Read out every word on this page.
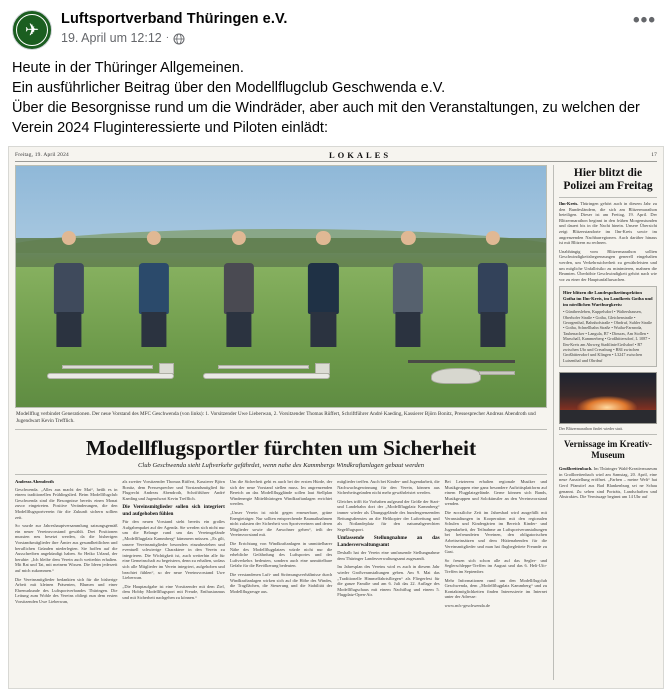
✈
Luftsportverband Thüringen e.V.
19. April um 12:12 ·
•••

Heute in der Thüringer Allgemeinen.

Ein ausführlicher Beitrag über den Modellflugclub Geschwenda e.V.

Über die Besorgnisse rund um die Windräder, aber auch mit den Veranstaltungen, zu welchen der Verein 2024 Fluginteressierte und Piloten einlädt:

Freitag, 19. April 2024	LOKALES	17
Modellflug verbindet Generationen. Der neue Vorstand des MFC Geschwenda (von links): 1. Vorsitzender Uwe Lieberwan, 2. Vorsitzender Thomas Rüffert, Schriftführer André Kaeding, Kassierer Björn Bonitz, Pressesprecher Andreas Abendroth und Jugendwart Kevin Trefflich.
Modellflugsportler fürchten um Sicherheit
Club Geschwenda sieht Luftverkehr gefährdet, wenn nahe des Kammbergs Windkraftanlagen gebaut werden
Andreas Abendroth

Geschwenda. „Alles aus macht der Mai“, heißt es in einem traditionellen Frühlingslied. Beim Modellflugclub Geschwenda sind die Besorgnisse bereits einen Monat zuvor eingetreten. Positive Veränderungen, die den Modellflugsportverein für die Zukunft sichern sollten zeit.

So wurde zur Jahreshauptversammlung satzungsgemäß ein neuer Vereinsvorstand gewählt. Drei Positionen mussten neu besetzt werden, da die bisherigen Vorstandsmitglieder ihre Ämter aus gesundheitlichen und beruflichen Gründen niederlegten. Sie hoffen auf die Ausschreiben angekündigt haben. So Heiko Urland, der beruhte: „Ich bleibe dem Verein auch weiterhin erhalten. Mit Rat und Tat, mit meinem Wissen. Die Ideen jederzeit auf mich zukommen.“

Die Vereinsmitglieder bedankten sich für die bisherige Arbeit mit kleinen Präsenten, Blumen und einer Ehrenurkunde des Luftsportverbandes Thüringen. Die Leitung zum Wohle des Vereins obliegt nun dem ersten Vorsitzenden Uwe Lieberwan,

als zweiter Vorsitzender Thomas Rüffert, Kassierer Björn Bonitz, dem Pressesprecher und Vorstandsmitglied für Flugrecht Andreas Abendroth, Schriftführer André Kaeding und Jugendwart Kevin Trefflich.

Die Vereinsmitglieder sollen sich integriert und aufgehoben fühlen

Für den neuen Vorstand steht bereits ein großes Aufgabenpaket auf der Agenda. Sie werden sich nicht nur um die Belange rund um das Vereinsgelände „Modellflugplatz Kammberg“ kümmern müssen. „Es gilt, unsere Vereinsmitglieder besonders einzubeziehen und eventuell schwierige Charaktere in den Verein zu integrieren. Die Wichtigkeit ist, auch weiterhin alle für eine Gemeinschaft zu begeistern, denn zu erhalten, sodass sich alle Mitglieder im Verein integriert, aufgehoben und beachtet fühlen“, so der neue Vereinsvorstand Uwe Lieberwan.

„Die Hauptaufgabe ist eine Vorsitzender mit dem Ziel, dem Hobby Modellflugsport mit Freude, Enthusiasmus und mit Sicherheit nachgehen zu können.“

Um die Sicherheit geht es auch bei der ersten Hürde, der sich der neue Vorstand stellen muss. Im angrenzenden Bereich an das Modellflugglände sollen laut Stellplan Windenergie Mittelthüringen Windkraftanlagen errichtet werden.

„Unser Verein ist nicht gegen erneuerbare, grüne Energieträger. Nur sollten entsprechende Baumaßnahmen nicht zulasten der Sicherheit von Sportvereinen und deren Mitglieder sowie die Anwohner gehen“, teilt der Vereinsvorstand mit.

Die Errichtung von Windkraftanlagen in unmittelbarer Nähe des Modellflugplatzes würde nicht nur die erhebliche Gefährdung des Luftsportes und des Luftverkehrs bedeuten, sondern auch eine unmittelbare Gefahr für die Bevölkerung bedeuten.

Die verstandenen Luft- und Strömungsverhältnisse durch Windkraftanlagen wirken sich auf die Höhe des Windes, die Tragflächen, die Steuerung und die Stabilität der Modellflugzeuge aus.

mitglieder treffen. Auch bei Kinder- und Jugendarbeit, die Nachwuchsgewinnung für den Verein, können aus Sicherheitsgründen nicht mehr gewährleistet werden.

Gleiches trifft für Vorhaben aufgrund der Größe der Start- und Landebahn dort der „Modellflugplatz Kammberg“ immer wieder als Übungsgelände des bundesgrenzenden Rettungsdienstes an die Helikopter der Luftrettung und als Notlandeplatz für den naturnahgerechten Segelflugsport.

Umfassende Stellungnahme an das Landesverwaltungsamt

Deshalb hat der Verein eine umfassende Stellungnahme dem Thüringer Landesverwaltungsamt zugesandt.

Im Jahresplan des Vereins wird es auch in diesem Jahr wieder Großveranstaltungen geben. Am 9. Mai das „Traditionelle Himmelfahrtsfliegen“ als Fliegerfest für die ganze Familie und am 6. Juli das 22. Auflage des Modellflugschaus mit einem Nachtflug und einem 5. Flugplatz-Open-Air.

Bei Letzterem erhalten regionale Musiker und Musikgruppen eine ganz besondere Auftrittsplattform auf einem Flugplatzgelände. Gerne können sich Bands, Musikgruppen und Solokünstler an den Vereinsvorstand wenden.

Die восьtliche Zeit im Jahresbad wird ausgefüllt mit Veranstaltungen in Kooperation mit den regionalen Schulen und Kindergärten im Bereich Kinder- und Jugendarbeit, der Teilnahme an Luftsportveranstaltungen bei befreundeten Vereinen, den obligatorischen Arbeitseinsätzen und dem Hüttenabenden für die Vereinsmitglieder und man hat flugbegleitete Freunde zu Gast.

So freuen sich schon alle auf das Segler- und Seglerschleppe-Treffen im August und das 6. Heli-Ufo-Treffen im September.

Mehr Informationen rund um den Modellflugclub Geschwenda, dem „Modellflugplatz Kammberg“ und zu Kontaktmöglichkeiten finden Interessierte im Internet unter der Adresse:

www.mfc-geschwenda.de

Hier blitzt die Polizei am Freitag
Ilm-Kreis. Thüringen gehört auch in diesem Jahr zu den Bundesländern, die sich am Blitzermarathon beteiligen. Dieser ist am Freitag, 19. April. Der Blitzermarathon beginnt in den frühen Morgenstunden und dauert bis in die Nacht hinein. Unsere Übersicht zeigt Blitzerstandorte im Ilm-Kreis sowie im angrenzenden Nachbarregionen. Auch darüber hinaus ist mit Blitzern zu rechnen.
Unabhängig vom Blitzermarathon sollten Geschwindigkeitsbegrenzungen generell eingehalten werden, um Verkehrssicherheit zu gewährleisten und um mögliche Unfallrisiko zu minimieren, mahnen die Beamten. Überhöhte Geschwindigkeit gehört nach wie vor zu einer der Hauptunfallursachen.
Hier blitzen die Landespolizeiinspektion Gotha im Ilm-Kreis, im Landkreis Gotha und im nördlichen Wartburgkreis:
• Günthersleben, Kuppelsdorf • Waltershausen, Oberhofer Straße • Gotha, Gleichenstraße • Georgenthal, Bahnhofstraße • Ohrdruf, Suhler Straße • Gotha, Schnellbahn Straße • Wutha-Farnroda, Taubenacker • Langula, B7 • Dinsras, Am Stollen • Marschall, Kammerberg • Großbittersdorf, L 1087 • Ilm-Kreis am Ahrweg Stadtlinie/Geilsdorf • B7 zwischen Ufo und Creuzburg • B84 zwischen Großbittersdorf und Klingen • L3247 zwischen Luisenthal und Ohrdruf
Der Blitzermarathon findet wieder statt.
Vernissage im Kreativ-Museum
Großbreitenbach. Im Thüringer Wald-Kreativmuseum in Großbreitenbach wird am Samstag, 20. April, eine neue Ausstellung eröffnet. „Farben – meine Welt“ hat Gerd Pfanstiel aus Bad Blankenburg sei ne Schau genannt. Zu sehen sind Porträts, Landschaften und Abstraktes. Die Vernissage beginnt um 14 Uhr auf
